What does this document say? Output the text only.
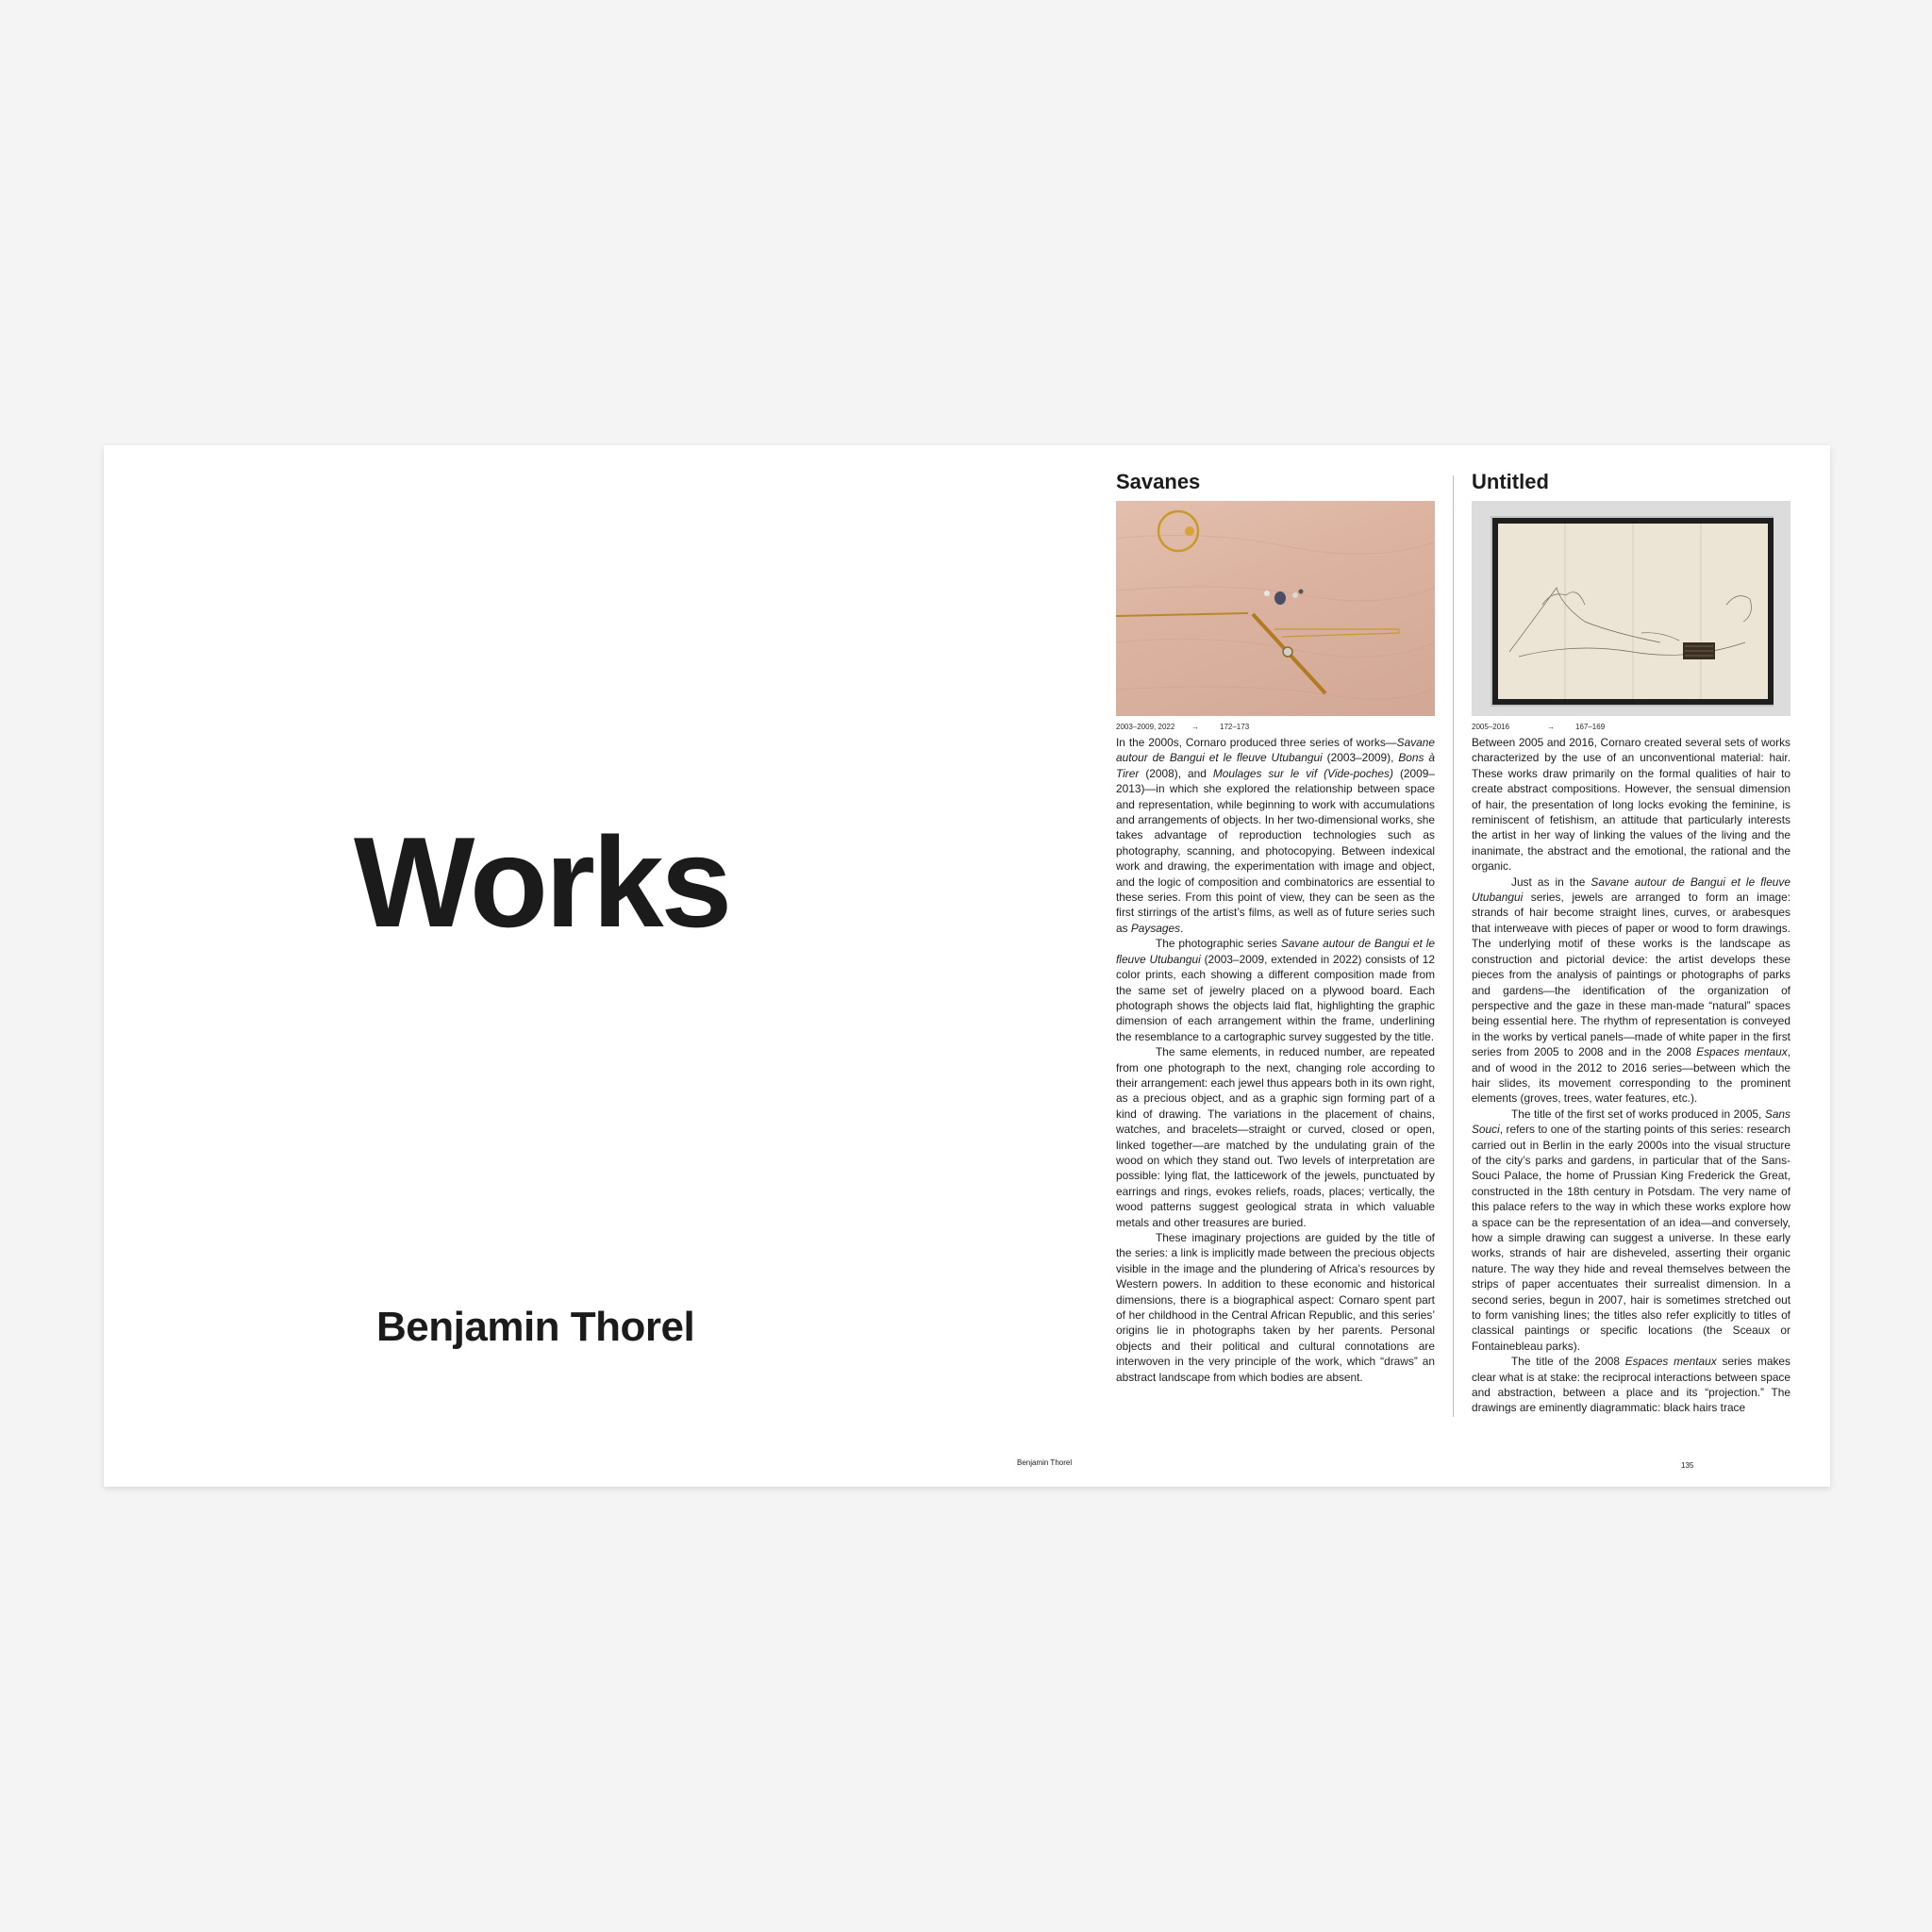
Works
Benjamin Thorel
Savanes
2003–2009, 2022	→	172–173

In the 2000s, Cornaro produced three series of works—Savane autour de Bangui et le fleuve Utubangui (2003–2009), Bons à Tirer (2008), and Moulages sur le vif (Vide-poches) (2009–2013)—in which she explored the relationship between space and representation, while beginning to work with accumulations and arrangements of objects. In her two-dimensional works, she takes advantage of reproduction technologies such as photography, scanning, and photocopying. Between indexical work and drawing, the experimentation with image and object, and the logic of composition and combinatorics are essential to these series. From this point of view, they can be seen as the first stirrings of the artist’s films, as well as of future series such as Paysages.

The photographic series Savane autour de Bangui et le fleuve Utubangui (2003–2009, extended in 2022) consists of 12 color prints, each showing a different composition made from the same set of jewelry placed on a plywood board. Each photograph shows the objects laid flat, highlighting the graphic dimension of each arrangement within the frame, underlining the resemblance to a cartographic survey suggested by the title.

The same elements, in reduced number, are repeated from one photograph to the next, changing role according to their arrangement: each jewel thus appears both in its own right, as a precious object, and as a graphic sign forming part of a kind of drawing. The variations in the placement of chains, watches, and bracelets—straight or curved, closed or open, linked together—are matched by the undulating grain of the wood on which they stand out. Two levels of interpretation are possible: lying flat, the latticework of the jewels, punctuated by earrings and rings, evokes reliefs, roads, places; vertically, the wood patterns suggest geological strata in which valuable metals and other treasures are buried.

These imaginary projections are guided by the title of the series: a link is implicitly made between the precious objects visible in the image and the plundering of Africa’s resources by Western powers. In addition to these economic and historical dimensions, there is a biographical aspect: Cornaro spent part of her childhood in the Central African Republic, and this series’ origins lie in photographs taken by her parents. Personal objects and their political and cultural connotations are interwoven in the very principle of the work, which “draws” an abstract landscape from which bodies are absent.

Untitled
2005–2016	→	167–169

Between 2005 and 2016, Cornaro created several sets of works characterized by the use of an unconventional material: hair. These works draw primarily on the formal qualities of hair to create abstract compositions. However, the sensual dimension of hair, the presentation of long locks evoking the feminine, is reminiscent of fetishism, an attitude that particularly interests the artist in her way of linking the values of the living and the inanimate, the abstract and the emotional, the rational and the organic.

Just as in the Savane autour de Bangui et le fleuve Utubangui series, jewels are arranged to form an image: strands of hair become straight lines, curves, or arabesques that interweave with pieces of paper or wood to form drawings. The underlying motif of these works is the landscape as construction and pictorial device: the artist develops these pieces from the analysis of paintings or photographs of parks and gardens—the identification of the organization of perspective and the gaze in these man-made “natural” spaces being essential here. The rhythm of representation is conveyed in the works by vertical panels—made of white paper in the first series from 2005 to 2008 and in the 2008 Espaces mentaux, and of wood in the 2012 to 2016 series—between which the hair slides, its movement corresponding to the prominent elements (groves, trees, water features, etc.).

The title of the first set of works produced in 2005, Sans Souci, refers to one of the starting points of this series: research carried out in Berlin in the early 2000s into the visual structure of the city’s parks and gardens, in particular that of the Sans-Souci Palace, the home of Prussian King Frederick the Great, constructed in the 18th century in Potsdam. The very name of this palace refers to the way in which these works explore how a space can be the representation of an idea—and conversely, how a simple drawing can suggest a universe. In these early works, strands of hair are disheveled, asserting their organic nature. The way they hide and reveal themselves between the strips of paper accentuates their surrealist dimension. In a second series, begun in 2007, hair is sometimes stretched out to form vanishing lines; the titles also refer explicitly to titles of classical paintings or specific locations (the Sceaux or Fontainebleau parks).

The title of the 2008 Espaces mentaux series makes clear what is at stake: the reciprocal interactions between space and abstraction, between a place and its “projection.” The drawings are eminently diagrammatic: black hairs trace

Benjamin Thorel	135
